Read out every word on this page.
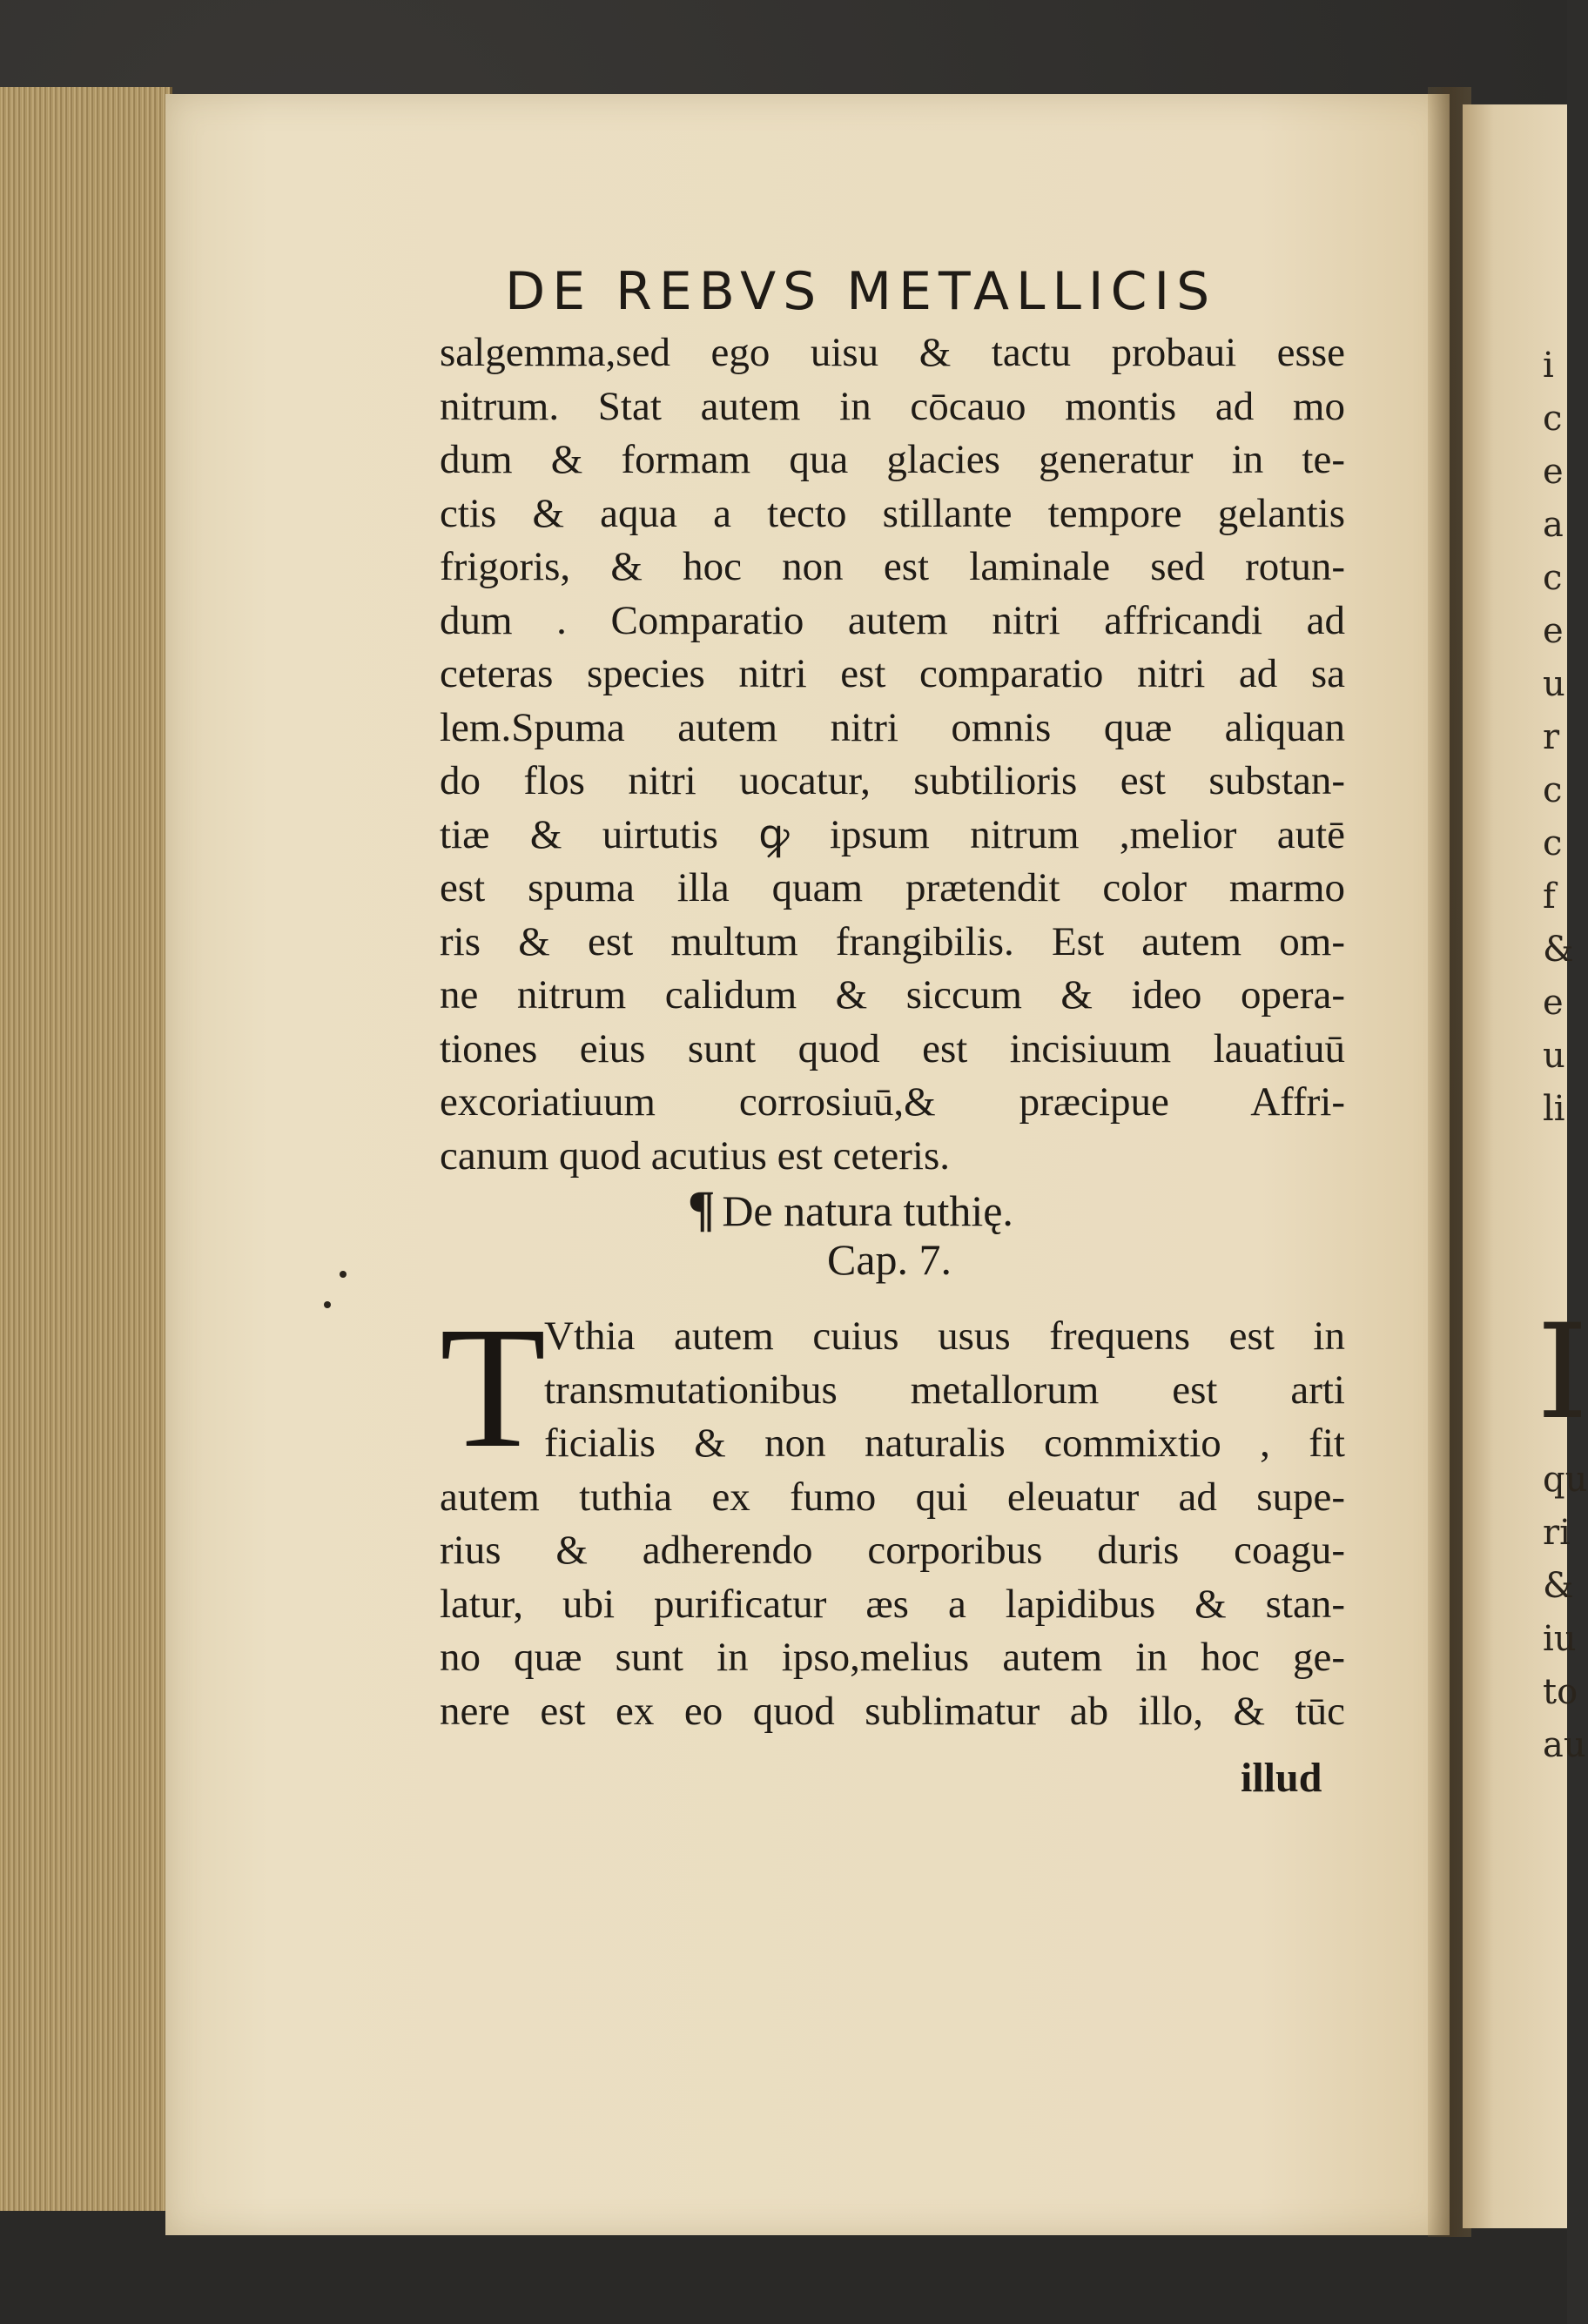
i
c
e
a
c
e
u
r
c
c
f
&
e
u
li
I
qu
ri
&
iu
to
au
DE REBVS METALLICIS
salgemma,sed ego uisu & tactu probaui esse
nitrum. Stat autem in cōcauo montis ad mo
dum & formam qua glacies generatur in te-
ctis & aqua a tecto stillante tempore gelantis
frigoris, & hoc non est laminale sed rotun-
dum . Comparatio autem nitri affricandi ad
ceteras species nitri est comparatio nitri ad sa
lem.Spuma autem nitri omnis quæ aliquan
do flos nitri uocatur, subtilioris est substan-
tiæ & uirtutis ꝙ ipsum nitrum ,melior autē
est spuma illa quam prætendit color marmo
ris & est multum frangibilis. Est autem om-
ne nitrum calidum & siccum & ideo opera-
tiones eius sunt quod est incisiuum lauatiuū
excoriatiuum corrosiuū,& præcipue Affri-
canum quod acutius est ceteris.
¶ De natura tuthię.
Cap. 7.
T
Vthia autem cuius usus frequens est in
transmutationibus metallorum est arti
ficialis & non naturalis commixtio , fit
autem tuthia ex fumo qui eleuatur ad supe-
rius & adherendo corporibus duris coagu-
latur, ubi purificatur æs a lapidibus & stan-
no quæ sunt in ipso,melius autem in hoc ge-
nere est ex eo quod sublimatur ab illo, & tūc
illud
